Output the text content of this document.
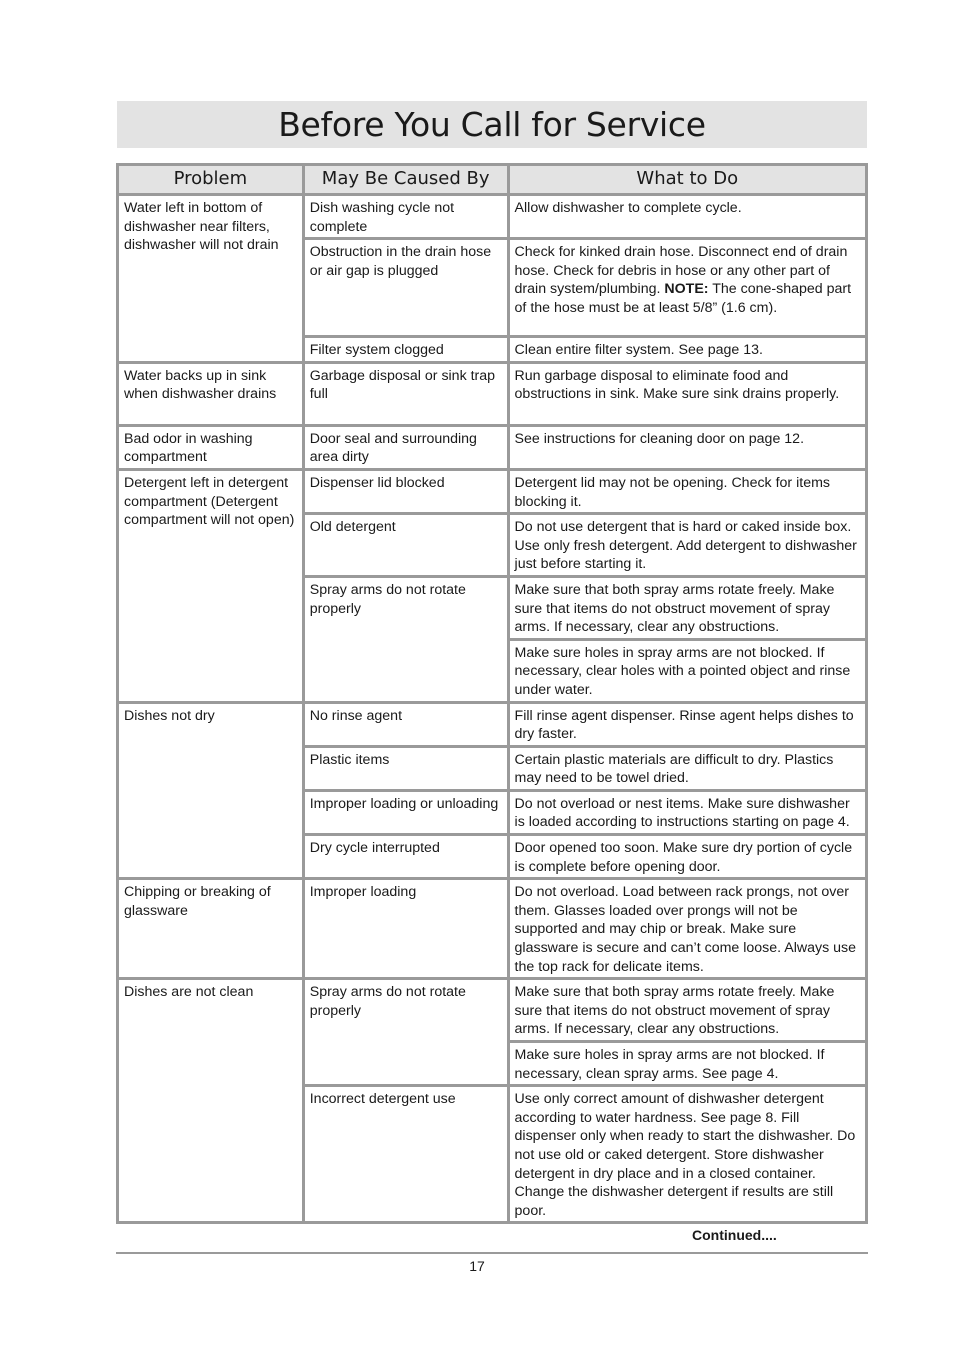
Before You Call for Service
Problem	May Be Caused By	What to Do
Water left in bottom of dishwasher near filters, dishwasher will not drain	Dish washing cycle not complete	Allow dishwasher to complete cycle.
	Obstruction in the drain hose or air gap is plugged	Check for kinked drain hose. Disconnect end of drain hose. Check for debris in hose or any other part of drain system/plumbing. NOTE: The cone-shaped part of the hose must be at least 5/8” (1.6 cm).
	Filter system clogged	Clean entire filter system. See page 13.
Water backs up in sink when dishwasher drains	Garbage disposal or sink trap full	Run garbage disposal to eliminate food and obstructions in sink. Make sure sink drains properly.
Bad odor in washing compartment	Door seal and surrounding area dirty	See instructions for cleaning door on page 12.
Detergent left in detergent compartment (Detergent compartment will not open)	Dispenser lid blocked	Detergent lid may not be opening. Check for items blocking it.
	Old detergent	Do not use detergent that is hard or caked inside box. Use only fresh detergent. Add detergent to dishwasher just before starting it.
	Spray arms do not rotate properly	Make sure that both spray arms rotate freely. Make sure that items do not obstruct movement of spray arms. If necessary, clear any obstructions.
		Make sure holes in spray arms are not blocked. If necessary, clear holes with a pointed object and rinse under water.
Dishes not dry	No rinse agent	Fill rinse agent dispenser. Rinse agent helps dishes to dry faster.
	Plastic items	Certain plastic materials are difficult to dry. Plastics may need to be towel dried.
	Improper loading or unloading	Do not overload or nest items. Make sure dishwasher is loaded according to instructions starting on page 4.
	Dry cycle interrupted	Door opened too soon. Make sure dry portion of cycle is complete before opening door.
Chipping or breaking of glassware	Improper loading	Do not overload. Load between rack prongs, not over them. Glasses loaded over prongs will not be supported and may chip or break. Make sure glassware is secure and can’t come loose. Always use the top rack for delicate items.
Dishes are not clean	Spray arms do not rotate properly	Make sure that both spray arms rotate freely. Make sure that items do not obstruct movement of spray arms. If necessary, clear any obstructions.
		Make sure holes in spray arms are not blocked. If necessary, clean spray arms. See page 4.
	Incorrect detergent use	Use only correct amount of dishwasher detergent according to water hardness. See page 8. Fill dispenser only when ready to start the dishwasher. Do not use old or caked detergent. Store dishwasher detergent in dry place and in a closed container. Change the dishwasher detergent if results are still poor.
Continued....
17
